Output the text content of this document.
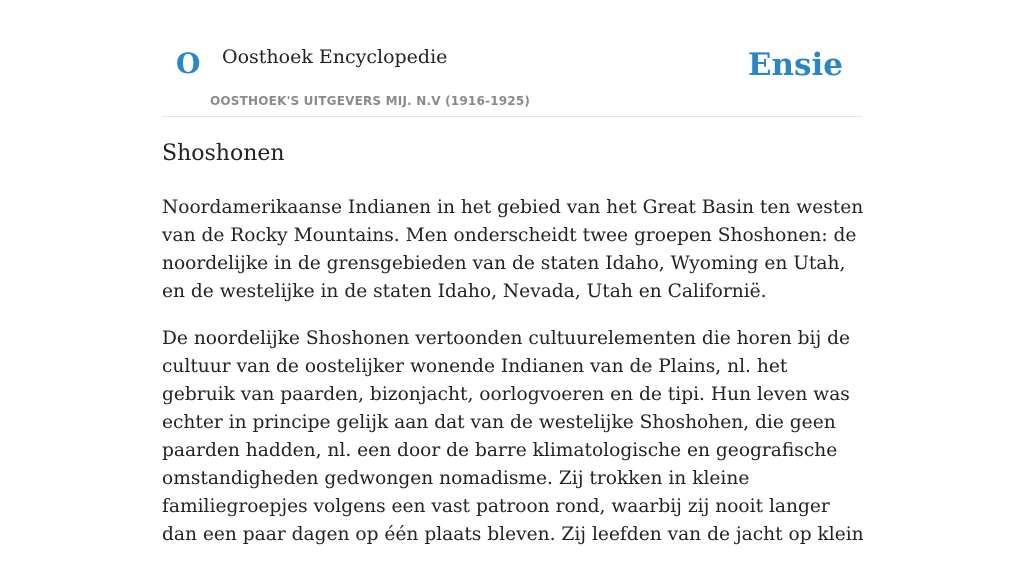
O Oosthoek Encyclopedie
OOSTHOEK'S UITGEVERS MIJ. N.V (1916-1925)
Ensie
Shoshonen

Noordamerikaanse Indianen in het gebied van het Great Basin ten westen van de Rocky Mountains. Men onderscheidt twee groepen Shoshonen: de noordelijke in de grensgebieden van de staten Idaho, Wyoming en Utah, en de westelijke in de staten Idaho, Nevada, Utah en Californië.

De noordelijke Shoshonen vertoonden cultuurelementen die horen bij de cultuur van de oostelijker wonende Indianen van de Plains, nl. het gebruik van paarden, bizonjacht, oorlogvoeren en de tipi. Hun leven was echter in principe gelijk aan dat van de westelijke Shoshohen, die geen paarden hadden, nl. een door de barre klimatologische en geografische omstandigheden gedwongen nomadisme. Zij trokken in kleine familiegroepjes volgens een vast patroon rond, waarbij zij nooit langer dan een paar dagen op één plaats bleven. Zij leefden van de jacht op klein
